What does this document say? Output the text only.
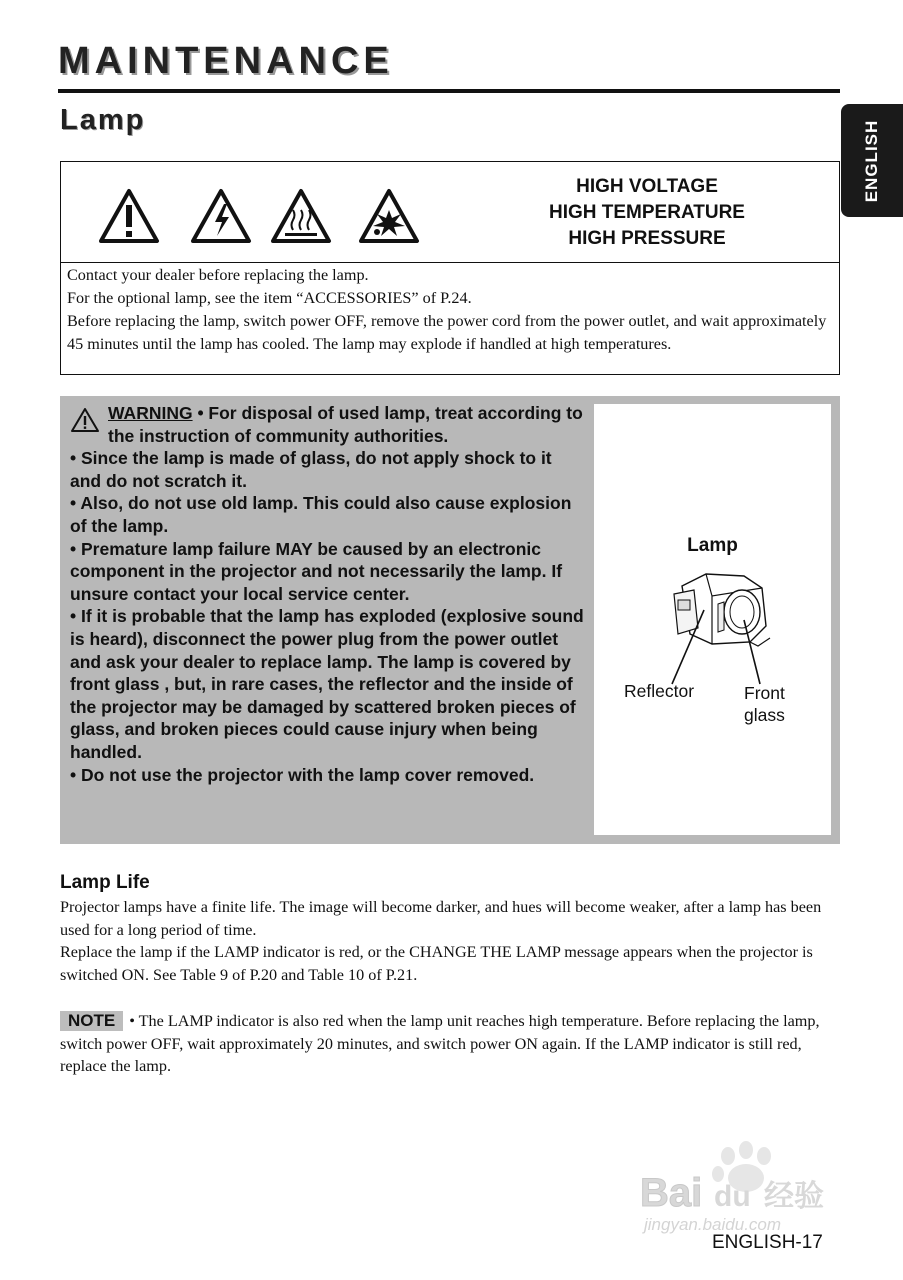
MAINTENANCE
Lamp	ENGLISH
HIGH VOLTAGE
HIGH TEMPERATURE
HIGH PRESSURE
Contact your dealer before replacing the lamp.
For the optional lamp, see the item “ACCESSORIES” of P.24.
Before replacing the lamp, switch power OFF, remove the power cord from the power outlet, and wait approximately 45 minutes until the lamp has cooled. The lamp may explode if handled at high temperatures.

WARNING • For disposal of used lamp, treat according to the instruction of community authorities.

• Since the lamp is made of glass, do not apply shock to it and do not scratch it.

• Also, do not use old lamp. This could also cause explosion of the lamp.

• Premature lamp failure MAY be caused by an electronic component in the projector and not necessarily the lamp. If unsure contact your local service center.

• If it is probable that the lamp has exploded (explosive sound is heard), disconnect the power plug from the power outlet and ask your dealer to replace lamp. The lamp is covered by front glass , but, in rare cases, the reflector and the inside of the projector may be damaged by scattered broken pieces of glass, and broken pieces could cause injury when being handled.

• Do not use the projector with the lamp cover removed.

Lamp
Reflector	Front
glass
Lamp Life

Projector lamps have a finite life. The image will become darker, and hues will become weaker, after a lamp has been used for a long period of time.

Replace the lamp if the LAMP indicator is red, or the CHANGE THE LAMP message appears when the projector is switched ON. See Table 9 of P.20 and Table 10 of P.21.

NOTE • The LAMP indicator is also red when the lamp unit reaches high temperature. Before replacing the lamp, switch power OFF, wait approximately 20 minutes, and switch power ON again. If the LAMP indicator is still red, replace the lamp.
Bai du 经验
jingyan.baidu.com
ENGLISH-17
